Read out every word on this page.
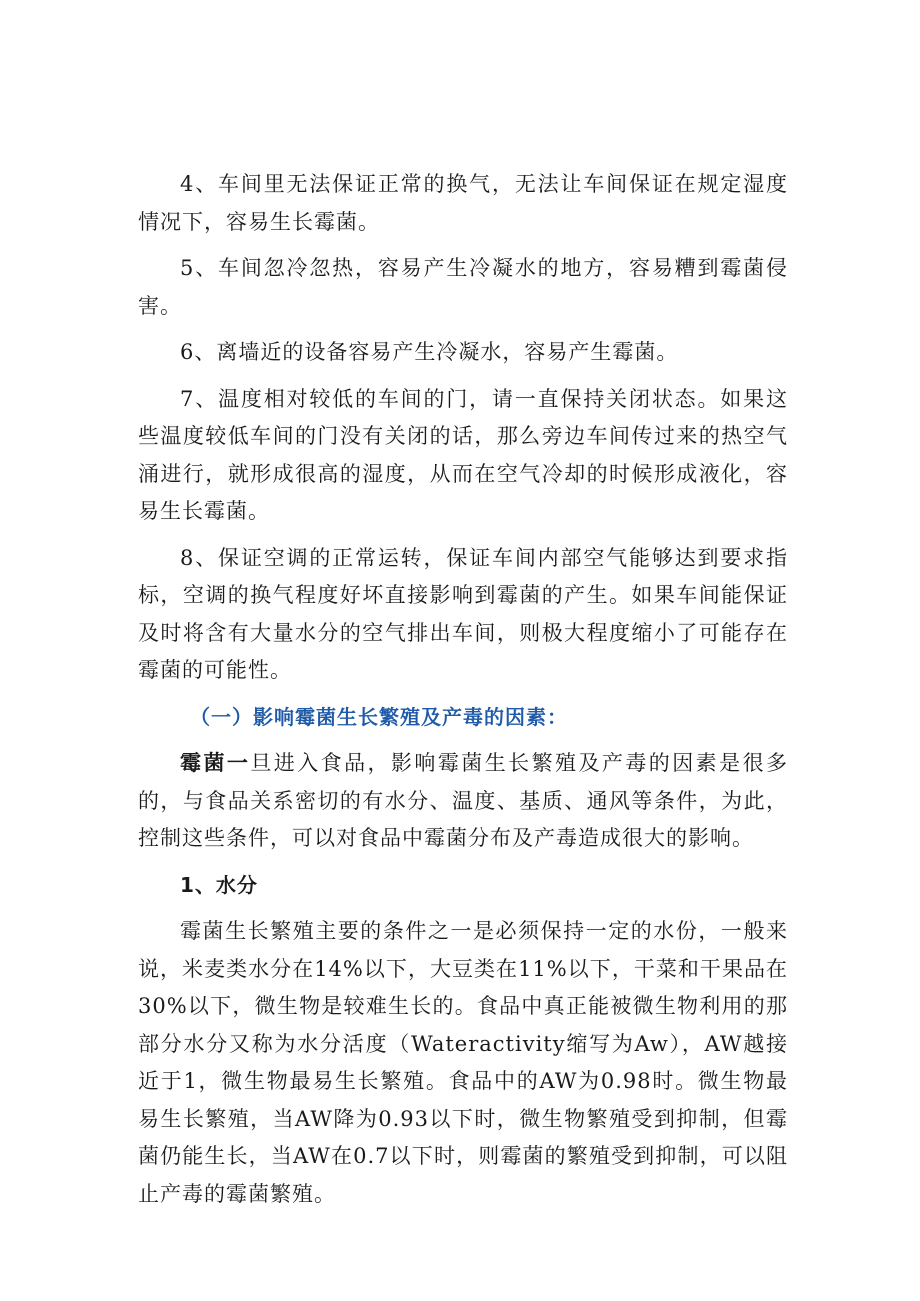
4、车间里无法保证正常的换气，无法让车间保证在规定湿度情况下，容易生长霉菌。

5、车间忽冷忽热，容易产生冷凝水的地方，容易糟到霉菌侵害。

6、离墙近的设备容易产生冷凝水，容易产生霉菌。

7、温度相对较低的车间的门，请一直保持关闭状态。如果这些温度较低车间的门没有关闭的话，那么旁边车间传过来的热空气涌进行，就形成很高的湿度，从而在空气冷却的时候形成液化，容易生长霉菌。

8、保证空调的正常运转，保证车间内部空气能够达到要求指标，空调的换气程度好坏直接影响到霉菌的产生。如果车间能保证及时将含有大量水分的空气排出车间，则极大程度缩小了可能存在霉菌的可能性。

（一）影响霉菌生长繁殖及产毒的因素：

霉菌一旦进入食品，影响霉菌生长繁殖及产毒的因素是很多的，与食品关系密切的有水分、温度、基质、通风等条件，为此，控制这些条件，可以对食品中霉菌分布及产毒造成很大的影响。

1、水分

霉菌生长繁殖主要的条件之一是必须保持一定的水份，一般来说，米麦类水分在14%以下，大豆类在11%以下，干菜和干果品在30%以下，微生物是较难生长的。食品中真正能被微生物利用的那部分水分又称为水分活度（Wateractivity缩写为Aw），AW越接近于1，微生物最易生长繁殖。食品中的AW为0.98时。微生物最易生长繁殖，当AW降为0.93以下时，微生物繁殖受到抑制，但霉菌仍能生长，当AW在0.7以下时，则霉菌的繁殖受到抑制，可以阻止产毒的霉菌繁殖。
